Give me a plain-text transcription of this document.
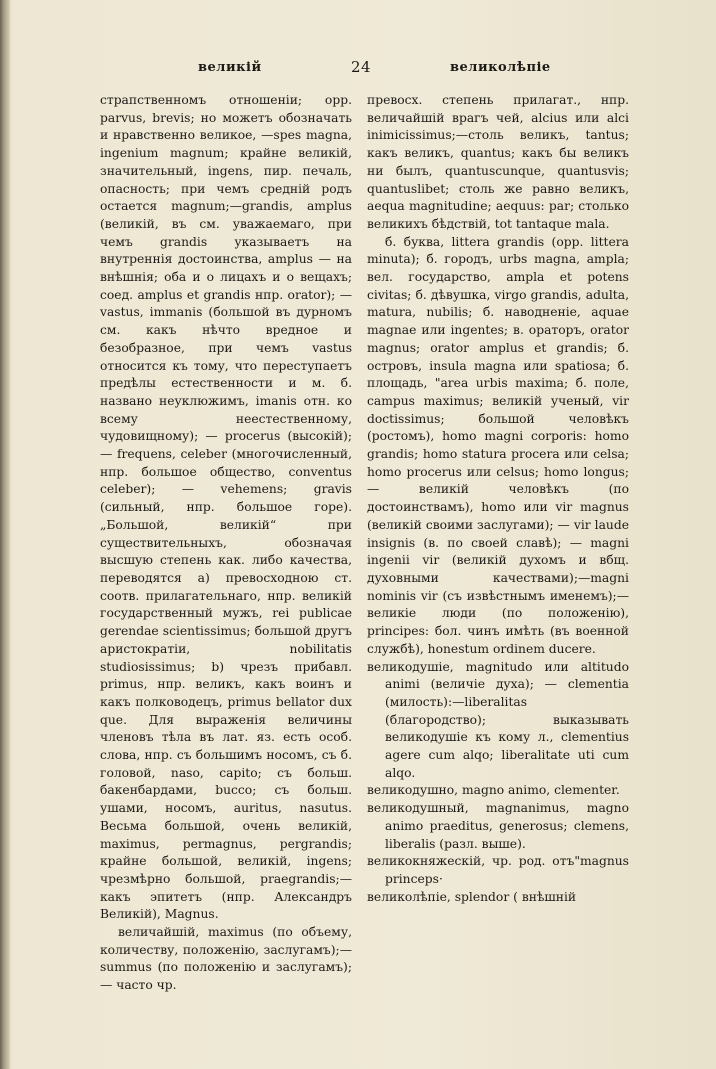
великій	24	великолѣпіе

страпственномъ отношеніи; opp. parvus, brevis; но можетъ обозначать и нравственно великое, —spes magna, ingenium magnum; крайне великій, значительный, ingens, пир. печаль, опасность; при чемъ средній родъ остается magnum;—grandis, amplus (великій, въ см. уважаемаго, при чемъ grandis указываетъ на внутреннія достоинства, amplus — на внѣшнія; оба и о лицахъ и о вещахъ; соед. amplus et grandis нпр. orator); — vastus, immanis (большой въ дурномъ см. какъ нѣчто вредное и безобразное, при чемъ vastus относится къ тому, что переступаетъ предѣлы естественности и м. б. названо неуклюжимъ, imanis отн. ко всему неестественному, чудовищному); — procerus (высокій); — frequens, celeber (многочисленный, нпр. большое общество, conventus celeber); — vehemens; gravis (сильный, нпр. большое горе). „Большой, великій“ при существительныхъ, обозначая высшую степень как. либо качества, переводятся a) превосходною ст. соотв. прилагательнаго, нпр. великій государственный мужъ, rei publicae gerendae scientissimus; большой другъ аристократіи, nobilitatis studiosissimus; b) чрезъ прибавл. primus, нпр. великъ, какъ воинъ и какъ полководецъ, primus bellator dux que. Для выраженія величины членовъ тѣла въ лат. яз. есть особ. слова, нпр. съ большимъ носомъ, съ б. головой, naso, capito; съ больш. бакенбардами, bucco; съ больш. ушами, носомъ, auritus, nasutus. Весьма большой, очень великій, maximus, permagnus, pergrandis; крайне большой, великій, ingens; чрезмѣрно большой, praegrandis;—какъ эпитетъ (нпр. Александръ Великій), Magnus.

величайшій, maximus (по объему, количеству, положенію, заслугамъ);—summus (по положенію и заслугамъ); — часто чр.

превосх. степень прилагат., нпр. величайшій врагъ чей, alcius или alci inimicissimus;—столь великъ, tantus; какъ великъ, quantus; какъ бы великъ ни былъ, quantuscunque, quantusvis; quantuslibet; столь же равно великъ, aequa magnitudine; aequus: par; столько великихъ бѣдствій, tot tantaque mala.

б. буква, littera grandis (opp. littera minuta); б. городъ, urbs magna, ampla; вел. государство, ampla et potens civitas; б. дѣвушка, virgo grandis, adulta, matura, nubilis; б. наводненіе, aquae magnae или ingentes; в. ораторъ, orator magnus; orator amplus et grandis; б. островъ, insula magna или spatiosa; б. площадь, "area urbis maxima; б. поле, campus maximus; великій ученый, vir doctissimus; большой человѣкъ (ростомъ), homo magni corporis: homo grandis; homo statura procera или celsa; homo procerus или celsus; homo longus; — великій человѣкъ (по достоинствамъ), homo или vir magnus (великій своими заслугами); — vir laude insignis (в. по своей славѣ); — magni ingenii vir (великій духомъ и вбщ. духовными качествами);—magni nominis vir (съ извѣстнымъ именемъ);—великіе люди (по положенію), principes: бол. чинъ имѣть (въ военной службѣ), honestum ordinem ducere.

великодушіе, magnitudo или altitudo animi (величіе духа); — clementia (милость):—liberalitas (благородство); выказывать великодушіе къ кому л., clementius agere cum alqo; liberalitate uti cum alqo.

великодушно, magno animo, clementer.

великодушный, magnanimus, magno animo praeditus, generosus; clemens, liberalis (разл. выше).

великокняжескій, чр. род. отъ"magnus princeps·

великолѣпіе, splendor ( внѣшній
